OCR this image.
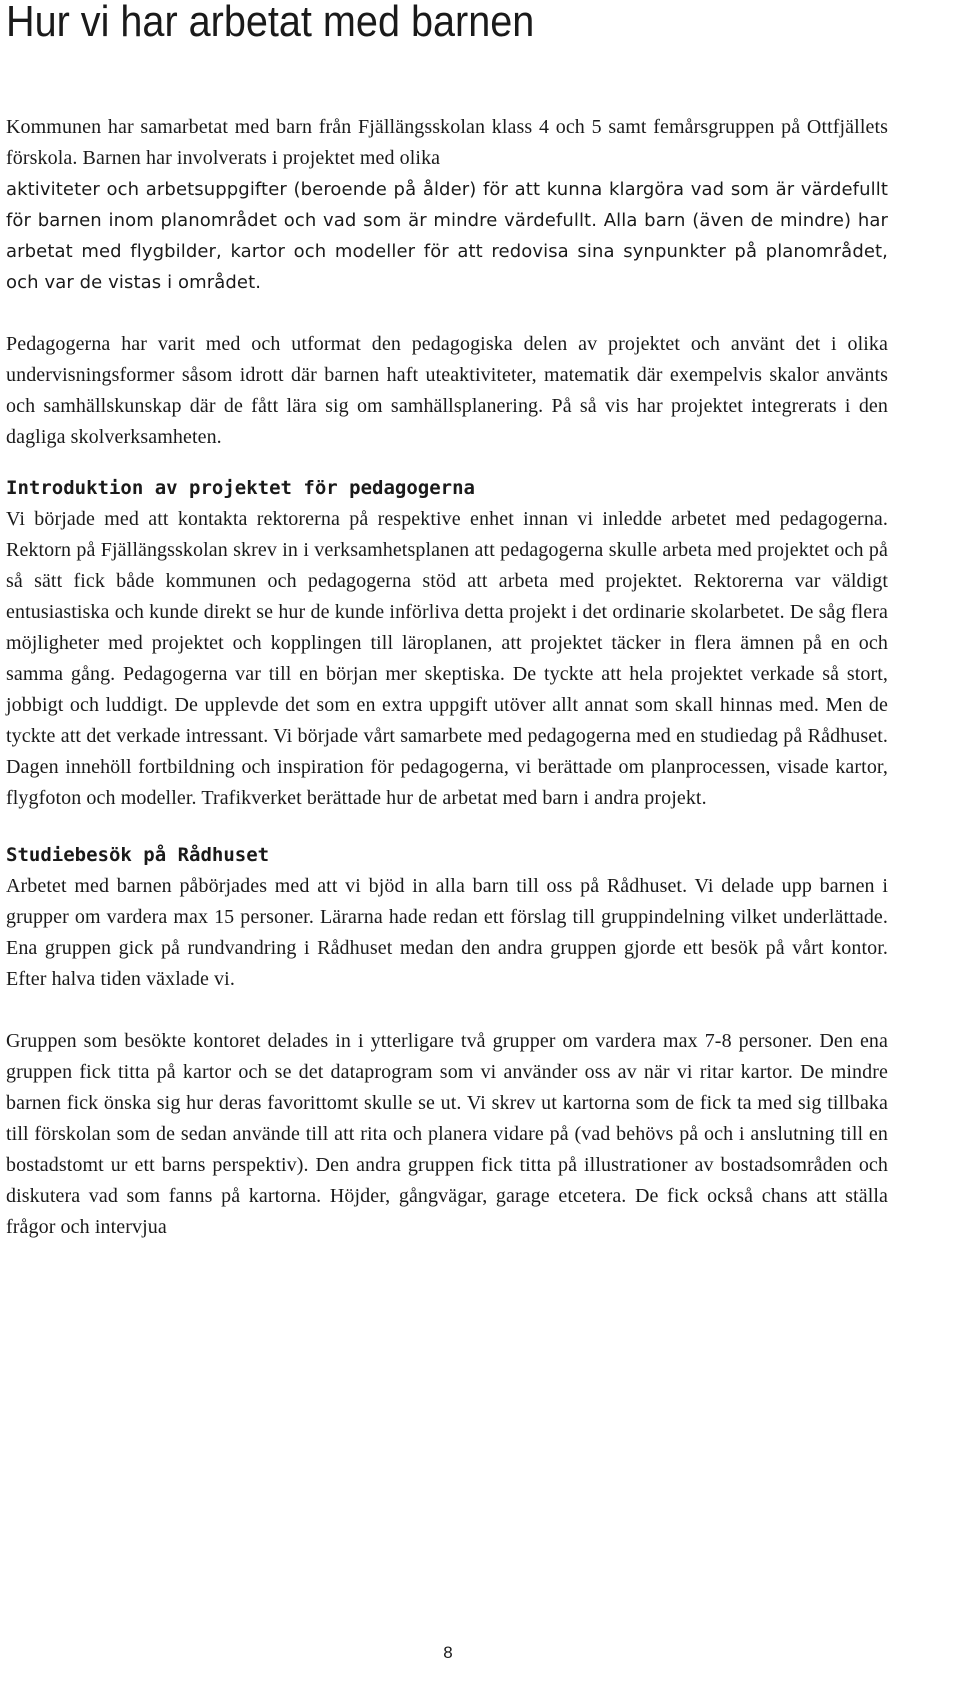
Hur vi har arbetat med barnen

Kommunen har samarbetat med barn från Fjällängsskolan klass 4 och 5 samt femårsgruppen på Ottfjällets förskola. Barnen har involverats i projektet med olika

aktiviteter och arbetsuppgifter (beroende på ålder) för att kunna klargöra vad som är värdefullt för barnen inom planområdet och vad som är mindre värdefullt. Alla barn (även de mindre) har arbetat med flygbilder, kartor och modeller för att redovisa sina synpunkter på planområdet, och var de vistas i området.

Pedagogerna har varit med och utformat den pedagogiska delen av projektet och använt det i olika undervisningsformer såsom idrott där barnen haft uteaktiviteter, matematik där exempelvis skalor använts och samhällskunskap där de fått lära sig om samhällsplanering. På så vis har projektet integrerats i den dagliga skolverksamheten.

Introduktion av projektet för pedagogerna

Vi började med att kontakta rektorerna på respektive enhet innan vi inledde arbetet med pedagogerna. Rektorn på Fjällängsskolan skrev in i verksamhetsplanen att pedagogerna skulle arbeta med projektet och på så sätt fick både kommunen och pedagogerna stöd att arbeta med projektet. Rektorerna var väldigt entusiastiska och kunde direkt se hur de kunde införliva detta projekt i det ordinarie skolarbetet. De såg flera möjligheter med projektet och kopplingen till läroplanen, att projektet täcker in flera ämnen på en och samma gång. Pedagogerna var till en början mer skeptiska. De tyckte att hela projektet verkade så stort, jobbigt och luddigt. De upplevde det som en extra uppgift utöver allt annat som skall hinnas med. Men de tyckte att det verkade intressant. Vi började vårt samarbete med pedagogerna med en studiedag på Rådhuset. Dagen innehöll fortbildning och inspiration för pedagogerna, vi berättade om planprocessen, visade kartor, flygfoton och modeller. Trafikverket berättade hur de arbetat med barn i andra projekt.

Studiebesök på Rådhuset

Arbetet med barnen påbörjades med att vi bjöd in alla barn till oss på Rådhuset. Vi delade upp barnen i grupper om vardera max 15 personer. Lärarna hade redan ett förslag till gruppindelning vilket underlättade. Ena gruppen gick på rundvandring i Rådhuset medan den andra gruppen gjorde ett besök på vårt kontor. Efter halva tiden växlade vi.

Gruppen som besökte kontoret delades in i ytterligare två grupper om vardera max 7-8 personer. Den ena gruppen fick titta på kartor och se det dataprogram som vi använder oss av när vi ritar kartor. De mindre barnen fick önska sig hur deras favorittomt skulle se ut. Vi skrev ut kartorna som de fick ta med sig tillbaka till förskolan som de sedan använde till att rita och planera vidare på (vad behövs på och i anslutning till en bostadstomt ur ett barns perspektiv). Den andra gruppen fick titta på illustrationer av bostadsområden och diskutera vad som fanns på kartorna. Höjder, gångvägar, garage etcetera. De fick också chans att ställa frågor och intervjua

8
